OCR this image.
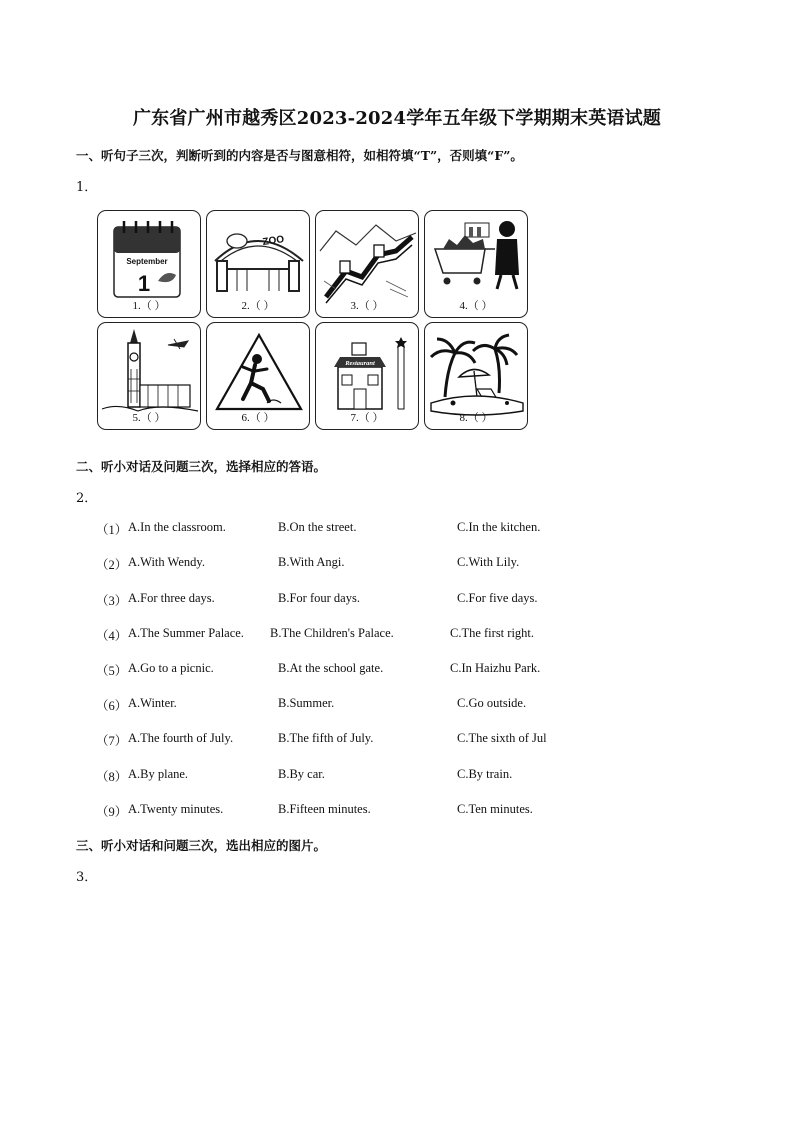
广东省广州市越秀区2023-2024学年五年级下学期期末英语试题
一、听句子三次，判断听到的内容是否与图意相符，如相符填“T”，否则填“F”。
1．
September
1
1.（ ）
ZOO
2.（ ）	3.（ ）	4.（ ）
5.（ ）	6.（ ）
Restaurant
7.（ ）	8.（ ）
二、听小对话及问题三次，选择相应的答语。
2．
（1） A.In the classroom.	B.On the street.	C.In the kitchen.
（2） A.With Wendy.	B.With Angi.	C.With Lily.
（3） A.For three days.	B.For four days.	C.For five days.
（4） A.The Summer Palace. B.The Children's Palace.	C.The first right.
（5） A.Go to a picnic.	B.At the school gate.	C.In Haizhu Park.
（6） A.Winter.	B.Summer.	C.Go outside.
（7） A.The fourth of July.	B.The fifth of July.	C.The sixth of Jul
（8） A.By plane.	B.By car.	C.By train.
（9） A.Twenty minutes.	B.Fifteen minutes.	C.Ten minutes.
三、听小对话和问题三次，选出相应的图片。
3．
